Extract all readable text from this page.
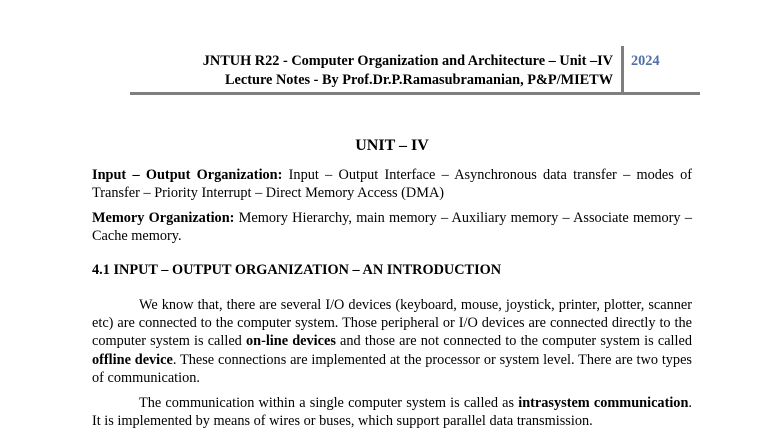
JNTUH R22 - Computer Organization and Architecture – Unit –IV
Lecture Notes - By Prof.Dr.P.Ramasubramanian, P&P/MIETW
2024
UNIT – IV

Input – Output Organization: Input – Output Interface – Asynchronous data transfer – modes of Transfer – Priority Interrupt – Direct Memory Access (DMA)

Memory Organization: Memory Hierarchy, main memory – Auxiliary memory – Associate memory – Cache memory.

4.1 INPUT – OUTPUT ORGANIZATION – AN INTRODUCTION

We know that, there are several I/O devices (keyboard, mouse, joystick, printer, plotter, scanner etc) are connected to the computer system. Those peripheral or I/O devices are connected directly to the computer system is called on-line devices and those are not connected to the computer system is called offline device. These connections are implemented at the processor or system level. There are two types of communication.

The communication within a single computer system is called as intrasystem communication. It is implemented by means of wires or buses, which support parallel data transmission.
